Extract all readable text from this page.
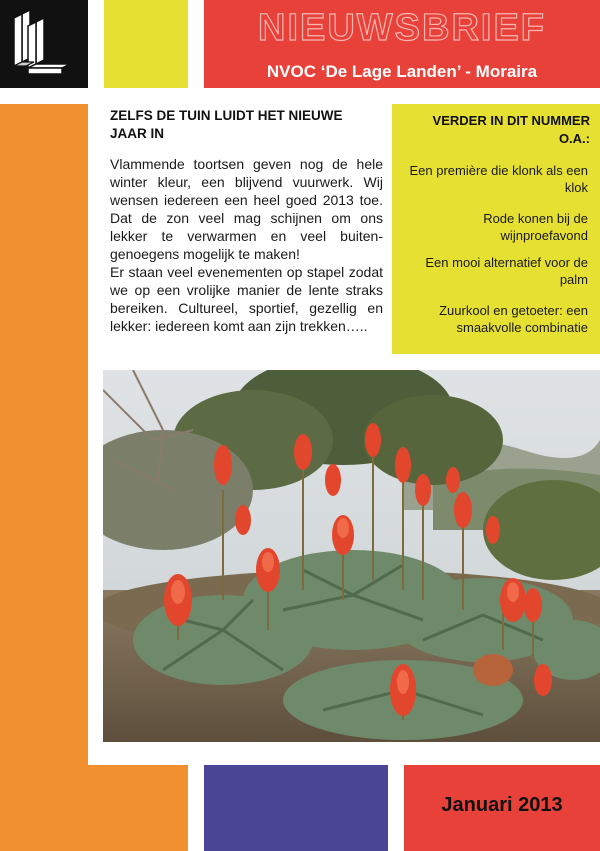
NIEUWSBRIEF
NVOC ‘De Lage Landen’ - Moraira
ZELFS DE TUIN LUIDT HET NIEUWE JAAR IN

Vlammende toortsen geven nog de hele winter kleur, een blijvend vuurwerk. Wij wensen iedereen een heel goed 2013 toe. Dat de zon veel mag schijnen om ons lekker te verwarmen en veel buiten-genoegens mogelijk te maken!

Er staan veel evenementen op stapel zodat we op een vrolijke manier de lente straks bereiken. Cultureel, sportief, gezellig en lekker: iedereen komt aan zijn trekken…..

VERDER IN DIT NUMMER O.A.:
Een première die klonk als een klok
Rode konen bij de wijnproefavond
Een mooi alternatief voor de palm
Zuurkool en getoeter: een smaakvolle combinatie
Januari 2013
